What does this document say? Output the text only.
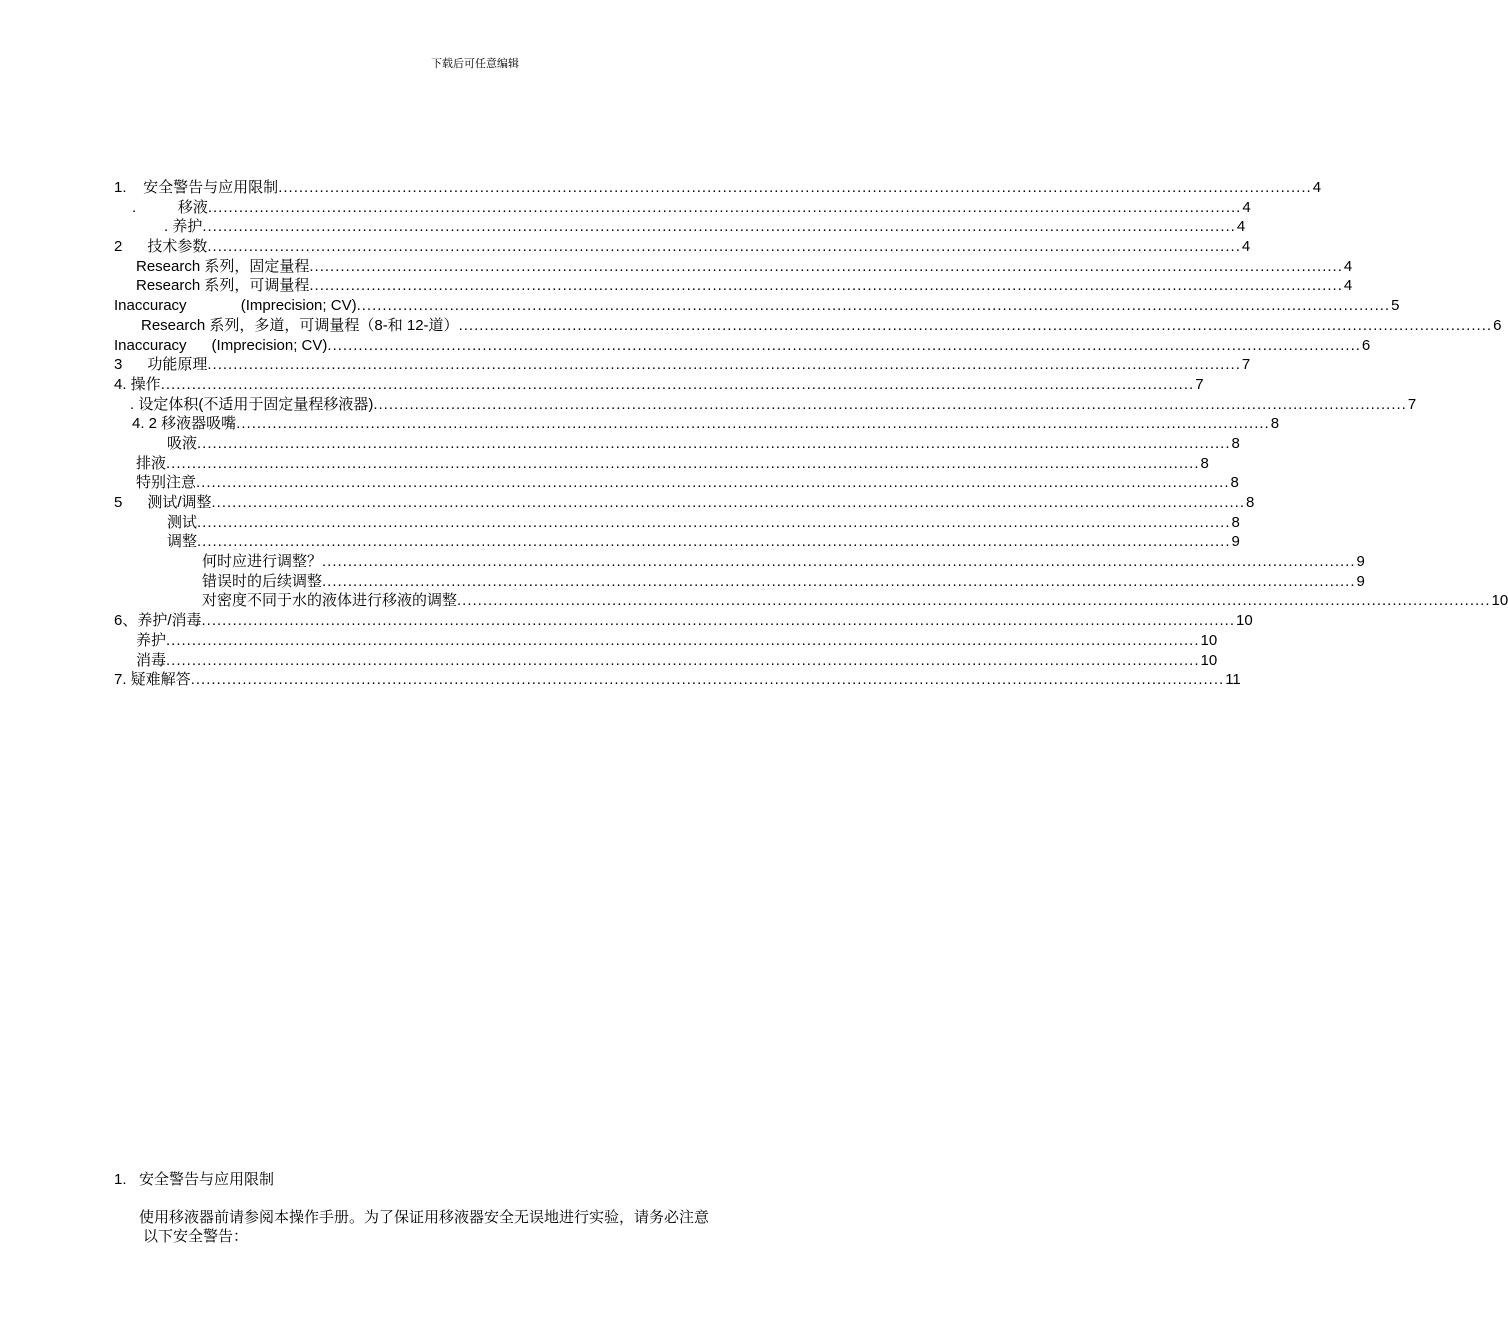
下载后可任意编辑
1.    安全警告与应用限制 ........................................................................................................................................................................................................ 4
.          移液 ........................................................................................................................................................................................................ 4
. 养护 ........................................................................................................................................................................................................ 4
2      技术参数 ........................................................................................................................................................................................................ 4
Research 系列，固定量程 ........................................................................................................................................................................................................ 4
Research 系列，可调量程 ........................................................................................................................................................................................................ 4
Inaccuracy             (Imprecision; CV) ........................................................................................................................................................................................................ 5
Research 系列，多道，可调量程（8-和 12-道） ........................................................................................................................................................................................................ 6
Inaccuracy      (Imprecision; CV) ........................................................................................................................................................................................................ 6
3      功能原理 ........................................................................................................................................................................................................ 7
4. 操作 ........................................................................................................................................................................................................ 7
. 设定体积(不适用于固定量程移液器) ........................................................................................................................................................................................................ 7
4. 2 移液器吸嘴 ........................................................................................................................................................................................................ 8
吸液 ........................................................................................................................................................................................................ 8
排液 ........................................................................................................................................................................................................ 8
特别注意 ........................................................................................................................................................................................................ 8
5      测试/调整 ........................................................................................................................................................................................................ 8
测试 ........................................................................................................................................................................................................ 8
调整 ........................................................................................................................................................................................................ 9
何时应进行调整？ ........................................................................................................................................................................................................ 9
错误时的后续调整 ........................................................................................................................................................................................................ 9
对密度不同于水的液体进行移液的调整 ........................................................................................................................................................................................................ 10
6、养护/消毒 ........................................................................................................................................................................................................ 10
养护 ........................................................................................................................................................................................................ 10
消毒 ........................................................................................................................................................................................................ 10
7. 疑难解答 ........................................................................................................................................................................................................ 11
1.   安全警告与应用限制
使用移液器前请参阅本操作手册。为了保证用移液器安全无误地进行实验，请务必注意
以下安全警告：
